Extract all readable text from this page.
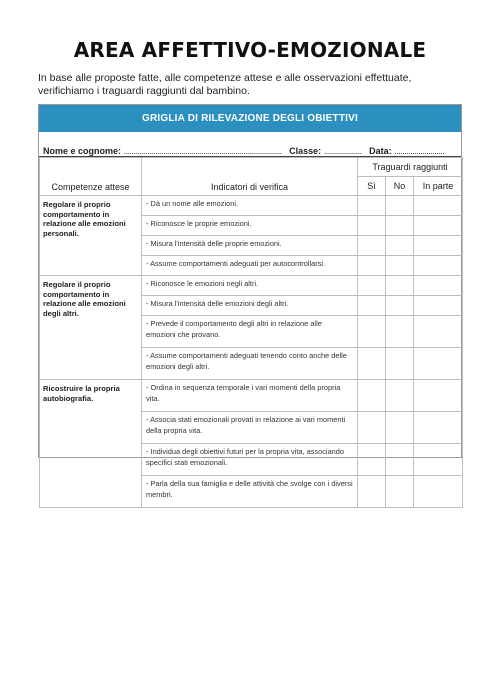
AREA AFFETTIVO-EMOZIONALE
In base alle proposte fatte, alle competenze attese e alle osservazioni effettuate, verifichiamo i traguardi raggiunti dal bambino.
GRIGLIA DI RILEVAZIONE DEGLI OBIETTIVI
Nome e cognome: ............................................................................... Classe: ................... Data: .........................
Competenze attese	Indicatori di verifica	Traguardi raggiunti		
		Sì	No	In parte
Regolare il proprio comportamento in relazione alle emozioni personali.	- Dà un nome alle emozioni.			
	- Riconosce le proprie emozioni.			
	- Misura l'intensità delle proprie emozioni.			
	- Assume comportamenti adeguati per autocontrollarsi.			
Regolare il proprio comportamento in relazione alle emozioni degli altri.	- Riconosce le emozioni negli altri.			
	- Misura l'intensità delle emozioni degli altri.			
	- Prevede il comportamento degli altri in relazione alle emozioni che provano.			
	- Assume comportamenti adeguati tenendo conto anche delle emozioni degli altri.			
Ricostruire la propria autobiografia.	- Ordina in sequenza temporale i vari momenti della propria vita.			
	- Associa stati emozionali provati in relazione ai vari momenti della propria vita.			
	- Individua degli obiettivi futuri per la propria vita, associando specifici stati emozionali.			
	- Parla della sua famiglia e delle attività che svolge con i diversi membri.			
